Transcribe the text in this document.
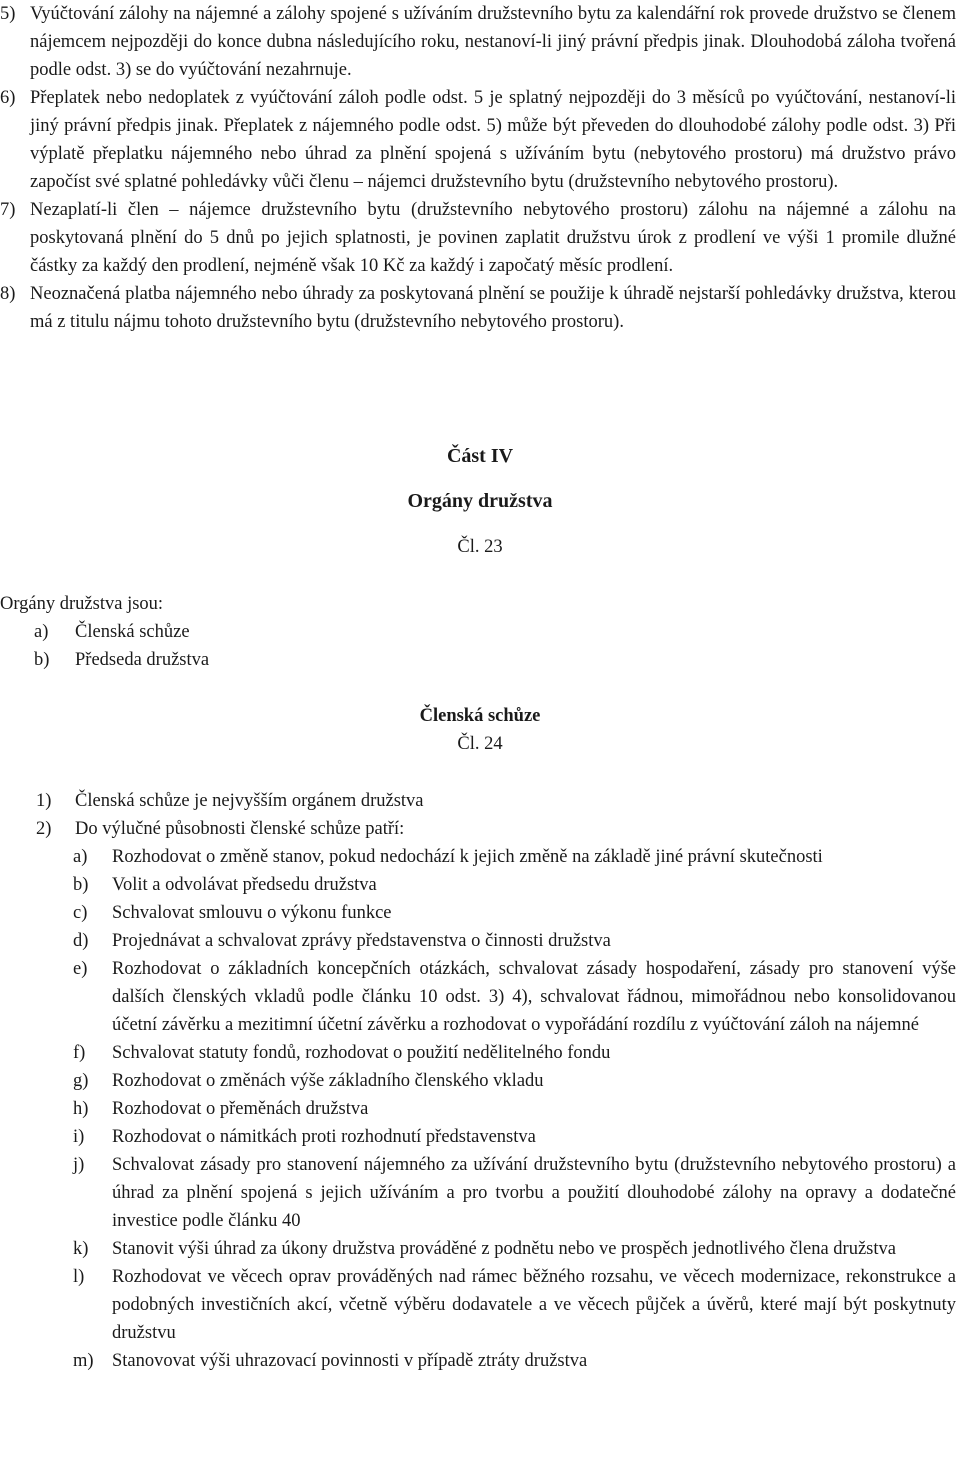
5) Vyúčtování zálohy na nájemné a zálohy spojené s užíváním družstevního bytu za kalendářní rok provede družstvo se členem nájemcem nejpozději do konce dubna následujícího roku, nestanoví-li jiný právní předpis jinak. Dlouhodobá záloha tvořená podle odst. 3) se do vyúčtování nezahrnuje.

6) Přeplatek nebo nedoplatek z vyúčtování záloh podle odst. 5 je splatný nejpozději do 3 měsíců po vyúčtování, nestanoví-li jiný právní předpis jinak. Přeplatek z nájemného podle odst. 5) může být převeden do dlouhodobé zálohy podle odst. 3) Při výplatě přeplatku nájemného nebo úhrad za plnění spojená s užíváním bytu (nebytového prostoru) má družstvo právo započíst své splatné pohledávky vůči členu – nájemci družstevního bytu (družstevního nebytového prostoru).

7) Nezaplatí-li člen – nájemce družstevního bytu (družstevního nebytového prostoru) zálohu na nájemné a zálohu na poskytovaná plnění do 5 dnů po jejich splatnosti, je povinen zaplatit družstvu úrok z prodlení ve výši 1 promile dlužné částky za každý den prodlení, nejméně však 10 Kč za každý i započatý měsíc prodlení.

8) Neoznačená platba nájemného nebo úhrady za poskytovaná plnění se použije k úhradě nejstarší pohledávky družstva, kterou má z titulu nájmu tohoto družstevního bytu (družstevního nebytového prostoru).

Část IV

Orgány družstva

Čl. 23

Orgány družstva jsou:

a) Členská schůze

b) Předseda družstva

Členská schůze

Čl. 24

1) Členská schůze je nejvyšším orgánem družstva

2) Do výlučné působnosti členské schůze patří:

a) Rozhodovat o změně stanov, pokud nedochází k jejich změně na základě jiné právní skutečnosti

b) Volit a odvolávat předsedu družstva

c) Schvalovat smlouvu o výkonu funkce

d) Projednávat a schvalovat zprávy představenstva o činnosti družstva

e) Rozhodovat o základních koncepčních otázkách, schvalovat zásady hospodaření, zásady pro stanovení výše dalších členských vkladů podle článku 10 odst. 3) 4), schvalovat řádnou, mimořádnou nebo konsolidovanou účetní závěrku a mezitimní účetní závěrku a rozhodovat o vypořádání rozdílu z vyúčtování záloh na nájemné

f) Schvalovat statuty fondů, rozhodovat o použití nedělitelného fondu

g) Rozhodovat o změnách výše základního členského vkladu

h) Rozhodovat o přeměnách družstva

i) Rozhodovat o námitkách proti rozhodnutí představenstva

j) Schvalovat zásady pro stanovení nájemného za užívání družstevního bytu (družstevního nebytového prostoru) a úhrad za plnění spojená s jejich užíváním a pro tvorbu a použití dlouhodobé zálohy na opravy a dodatečné investice podle článku 40

k) Stanovit výši úhrad za úkony družstva prováděné z podnětu nebo ve prospěch jednotlivého člena družstva

l) Rozhodovat ve věcech oprav prováděných nad rámec běžného rozsahu, ve věcech modernizace, rekonstrukce a podobných investičních akcí, včetně výběru dodavatele a ve věcech půjček a úvěrů, které mají být poskytnuty družstvu

m) Stanovovat výši uhrazovací povinnosti v případě ztráty družstva
